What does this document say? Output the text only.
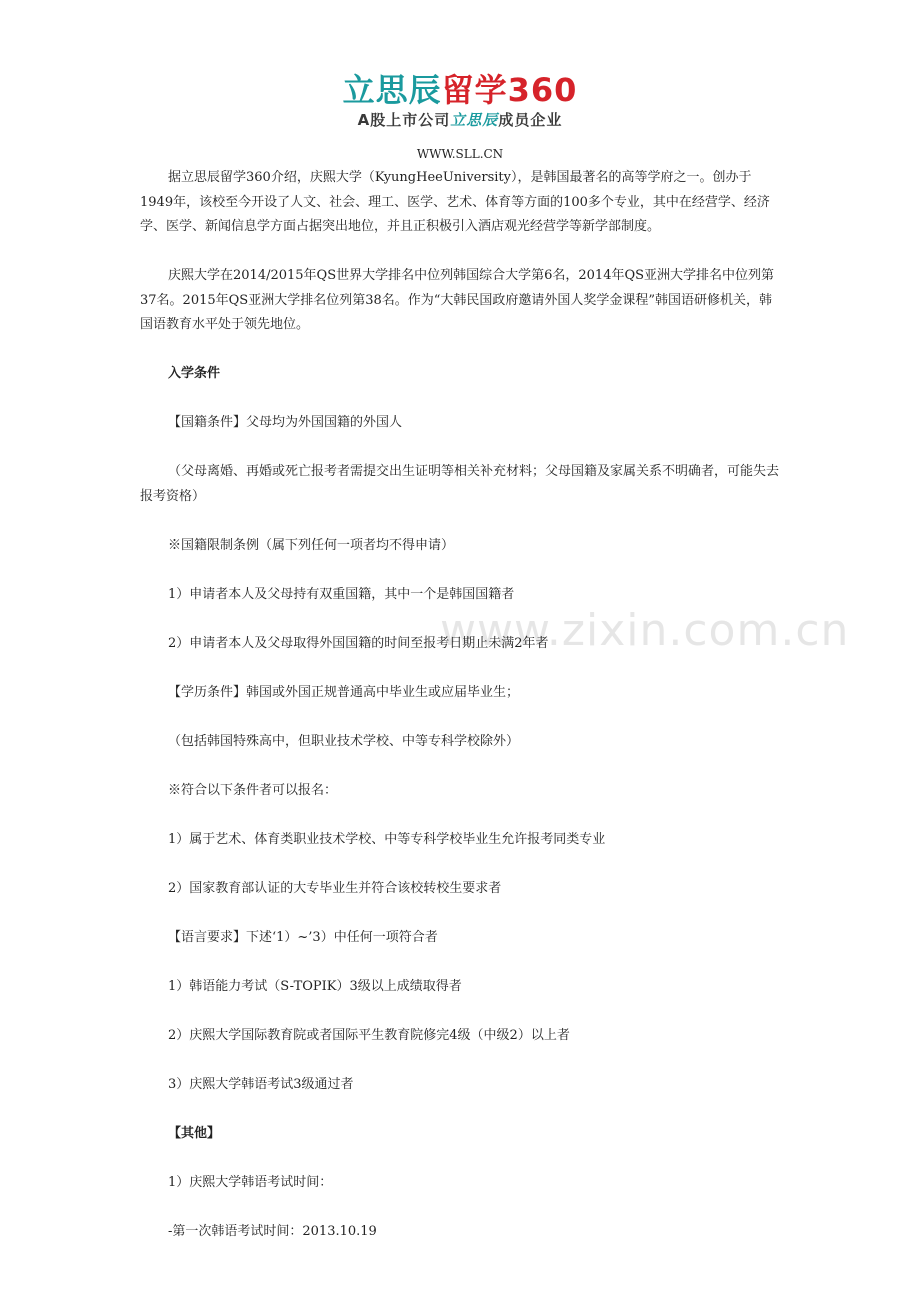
立思辰留学360
A股上市公司立思辰成员企业
WWW.SLL.CN
www.zixin.com.cn

据立思辰留学360介绍，庆熙大学（KyungHeeUniversity），是韩国最著名的高等学府之一。创办于1949年，该校至今开设了人文、社会、理工、医学、艺术、体育等方面的100多个专业，其中在经营学、经济学、医学、新闻信息学方面占据突出地位，并且正积极引入酒店观光经营学等新学部制度。

庆熙大学在2014/2015年QS世界大学排名中位列韩国综合大学第6名，2014年QS亚洲大学排名中位列第37名。2015年QS亚洲大学排名位列第38名。作为“大韩民国政府邀请外国人奖学金课程”韩国语研修机关，韩国语教育水平处于领先地位。

入学条件

【国籍条件】父母均为外国国籍的外国人

（父母离婚、再婚或死亡报考者需提交出生证明等相关补充材料；父母国籍及家属关系不明确者，可能失去报考资格）

※国籍限制条例（属下列任何一项者均不得申请）

1）申请者本人及父母持有双重国籍，其中一个是韩国国籍者

2）申请者本人及父母取得外国国籍的时间至报考日期止未满2年者

【学历条件】韩国或外国正规普通高中毕业生或应届毕业生；

（包括韩国特殊高中，但职业技术学校、中等专科学校除外）

※符合以下条件者可以报名：

1）属于艺术、体育类职业技术学校、中等专科学校毕业生允许报考同类专业

2）国家教育部认证的大专毕业生并符合该校转校生要求者

【语言要求】下述‘1）~’3）中任何一项符合者

1）韩语能力考试（S-TOPIK）3级以上成绩取得者

2）庆熙大学国际教育院或者国际平生教育院修完4级（中级2）以上者

3）庆熙大学韩语考试3级通过者

【其他】

1）庆熙大学韩语考试时间：

-第一次韩语考试时间：2013.10.19
